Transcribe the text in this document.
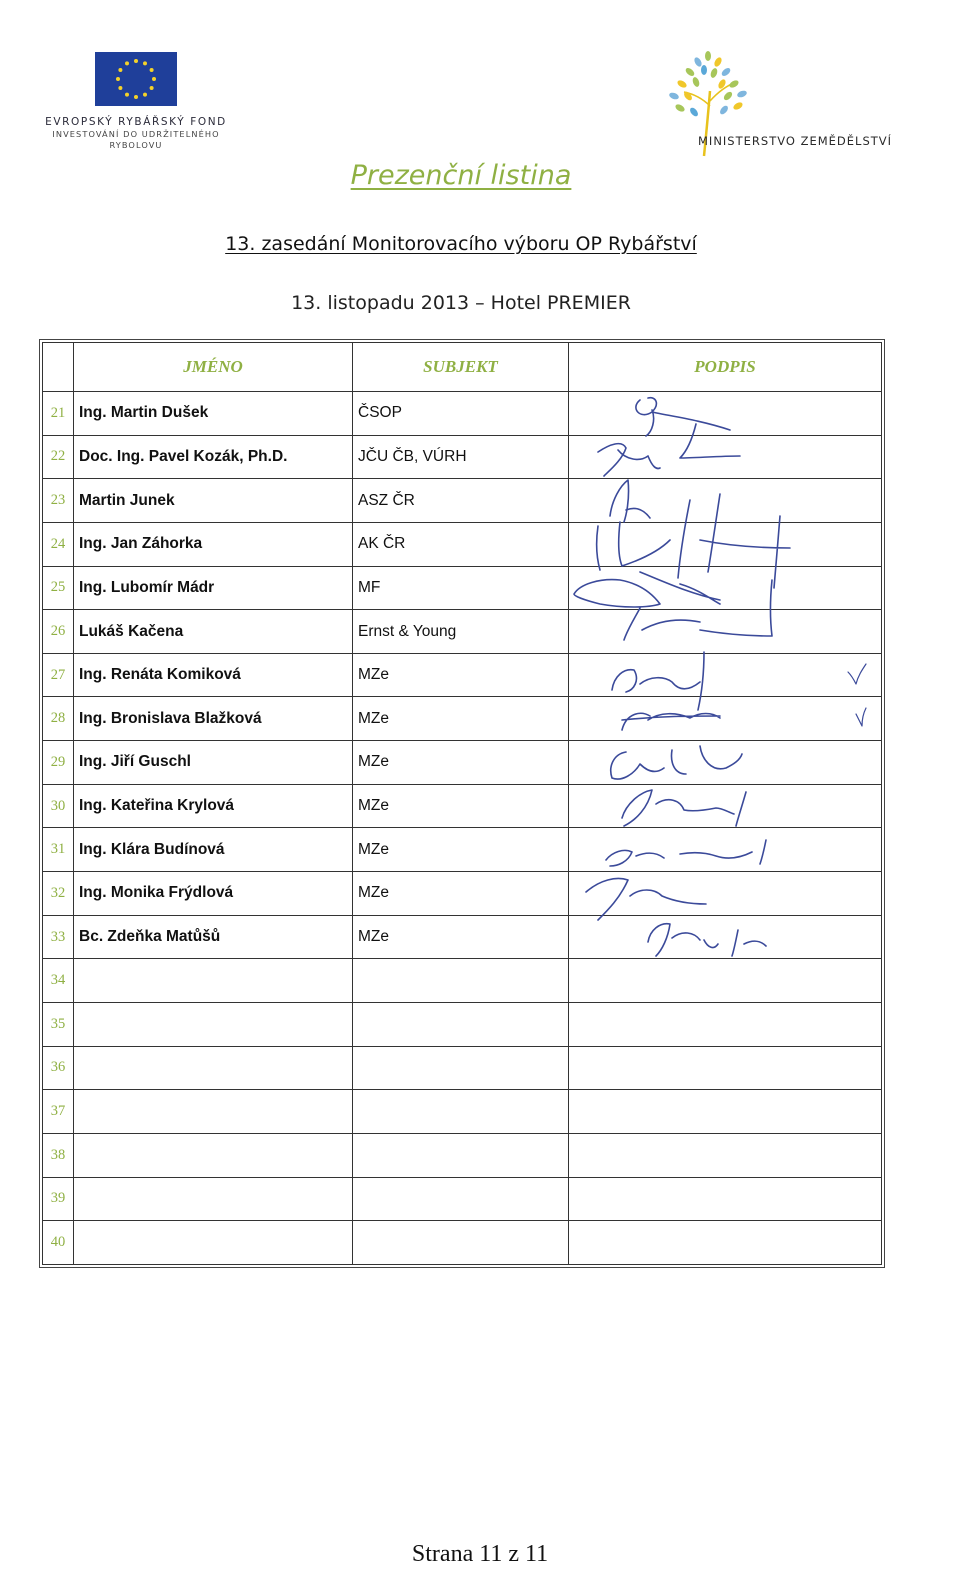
EVROPSKÝ RYBÁŘSKÝ FOND
INVESTOVÁNÍ DO UDRŽITELNÉHO
RYBOLOVU	MINISTERSTVO ZEMĚDĚLSTVÍ
Prezenční listina
13. zasedání Monitorovacího výboru OP Rybářství
13. listopadu 2013 – Hotel PREMIER
	JMÉNO	SUBJEKT	PODPIS
21	Ing. Martin Dušek	ČSOP	
22	Doc. Ing. Pavel Kozák, Ph.D.	JČU ČB, VÚRH	
23	Martin Junek	ASZ ČR	
24	Ing. Jan Záhorka	AK ČR	
25	Ing. Lubomír Mádr	MF	
26	Lukáš Kačena	Ernst & Young	
27	Ing. Renáta Komiková	MZe	
28	Ing. Bronislava Blažková	MZe	
29	Ing. Jiří Guschl	MZe	
30	Ing. Kateřina Krylová	MZe	
31	Ing. Klára Budínová	MZe	
32	Ing. Monika Frýdlová	MZe	
33	Bc. Zdeňka Matůšů	MZe	
34			
35			
36			
37			
38			
39			
40			
Strana 11 z 11
